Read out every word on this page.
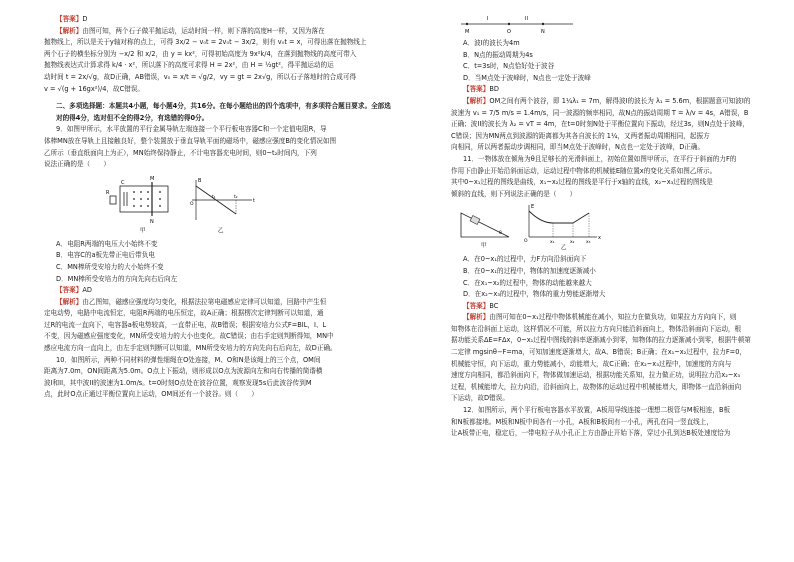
【答案】D

【解析】由图可知，两个石子做平抛运动，运动时间一样，则下落的高度H一样，又因为落在

抛物线上，所以是关于y轴对称的点上，可得 3x/2 − v₀t = 2v₀t − 3x/2，则有 v₀t = x，可得出落在抛物线上

两个石子的横坐标分别为 −x/2 和 x/2，由 y = kx²，可得初始高度为 9x²k/4，在落到抛物线的高度可带入

抛物线表达式计算求得 k/4 · x²，所以落下的高度可求得 H = 2x²，由 H = ½gt²，得平抛运动的运

动时间 t = 2x/√g，故D正确，AB错误，v₀ = x/t = √g/2，vy = gt = 2x√g，所以石子落地时的合成可得

v = √(g + 16gx²)/4，故C错误。

二、多项选择题：本题共4小题，每小题4分，共16分。在每小题给出的四个选项中，有多项符合题目要求。全部选对的得4分，选对但不全的得2分，有选错的得0分。

9．如图甲所示，水平放置的平行金属导轨左端连接一个平行板电容器C和一个定值电阻R，导

体棒MN放在导轨上且接触良好，整个装置放于垂直导轨平面的磁场中，磁感应强度B的变化情况如图

乙所示（垂直纸面向上为正），MN始终保持静止，不计电容器充电时间，则0~t₂时间内，下列

说法正确的是（　　）

R
C
M
N
甲
B
t
O
t₁	t₂
乙

A．电阻R两端的电压大小始终不变

B．电容C的a板先带正电后带负电

C．MN棒所受安培力的大小始终不变

D．MN棒所受安培力的方向先向右后向左

【答案】AD

【解析】由乙图知，磁感应强度均匀变化，根据法拉第电磁感应定律可以知道，回路中产生恒

定电动势，电路中电流恒定，电阻R两端的电压恒定，故A正确；根据楞次定律判断可以知道，通

过R的电流一直向下，电容器a板电势较高，一直带正电，故B错误；根据安培力公式F=BIL，I、L

不变，因为磁感应强度变化，MN所受安培力的大小也变化，故C错误；由右手定则判断得知，MN中

感应电流方向一直向上，由左手定则判断可以知道，MN所受安培力的方向先向右后向左，故D正确。

10．如图所示，两种不同材料的弹性细绳在O处连接，M、O和N是该绳上的三个点，OM间

距离为7.0m，ON间距离为5.0m。O点上下振动，则形成以O点为波源向左和向右传播的简谐横

波I和II，其中波II的波速为1.0m/s。t=0时刻O点处在波谷位置，观察发现5s后此波谷传到M

点，此时O点正通过平衡位置向上运动，OM间还有一个波谷。则（　　）

I	II
M	O	N

A．波I的波长为4m

B．N点的振动周期为4s

C．t=3s时，N点恰好处于波谷

D．当M点处于波峰时，N点也一定处于波峰

【答案】BD

【解析】OM之间有两个波谷，即 1¼λ₁ = 7m，解得波I的波长为 λ₁ = 5.6m，根据题意可知波I的

波速为 v₁ = 7/5 m/s = 1.4m/s，同一波源的频率相同，故N点的振动周期 T = λ/v = 4s，A错误，B

正确；波II的波长为 λ₂ = vT = 4m，在t=0时刻N处于平衡位置向下振动，经过3s，则N点处于波峰，

C错误；因为MN两点到波源的距离都为其各自波长的 1¼，又两者振动周期相同，起振方

向相同，所以两者振动步调相同，即当M点处于波峰时，N点也一定处于波峰，D正确。

11．一物体放在倾角为θ且足够长的光滑斜面上，初始位置如图甲所示，在平行于斜面的力F的

作用下由静止开始沿斜面运动，运动过程中物体的机械能E随位置x的变化关系如图乙所示。

其中0~x₁过程的图线是曲线，x₁~x₂过程的图线是平行于x轴的直线，x₂~x₃过程的图线是

倾斜的直线，则下列说法正确的是（　　）

θ
甲
E
x
O	x₁	x₂	x₃
乙

A．在0~x₁的过程中，力F方向沿斜面向下

B．在0~x₁的过程中，物体的加速度逐渐减小

C．在x₁~x₂的过程中，物体的动能越来越大

D．在x₂~x₃的过程中，物体的重力势能逐渐增大

【答案】BC

【解析】由图可知在0~x₁过程中物体机械能在减小，知拉力在做负功，如果拉力方向向下，则

知物体在沿斜面上运动，这样情况不可能，所以拉力方向只能沿斜面向上，物体沿斜面向下运动，根

据功能关系ΔE=FΔx，0~x₁过程中图线的斜率逐渐减小到零，知物体的拉力逐渐减小到零，根据牛顿第

二定律 mgsinθ−F=ma，可知加速度逐渐增大，故A、B错误；B正确；在x₁~x₂过程中，拉力F=0，

机械能守恒，向下运动，重力势能减小，动能增大，故C正确；在x₂~x₃过程中，加速度的方向与

速度方向相同，都沿斜面向下，物体做加速运动，根据功能关系知，拉力做正功，说明拉力沿x₂~x₃

过程，机械能增大，拉力向沿，沿斜面向上，故物体的运动过程中机械能增大，即物体一直沿斜面向

下运动，故D错误。

12．如图所示，两个平行板电容器水平放置，A板用导线连接一理想二极管与M板相连，B板

和N板都接地。M板和N板中间各有一小孔，A板和B板间有一小孔，两孔在同一竖直线上，

让A板带正电，稳定后，一带电粒子从小孔正上方由静止开始下落，穿过小孔到达B板处速度恰为
